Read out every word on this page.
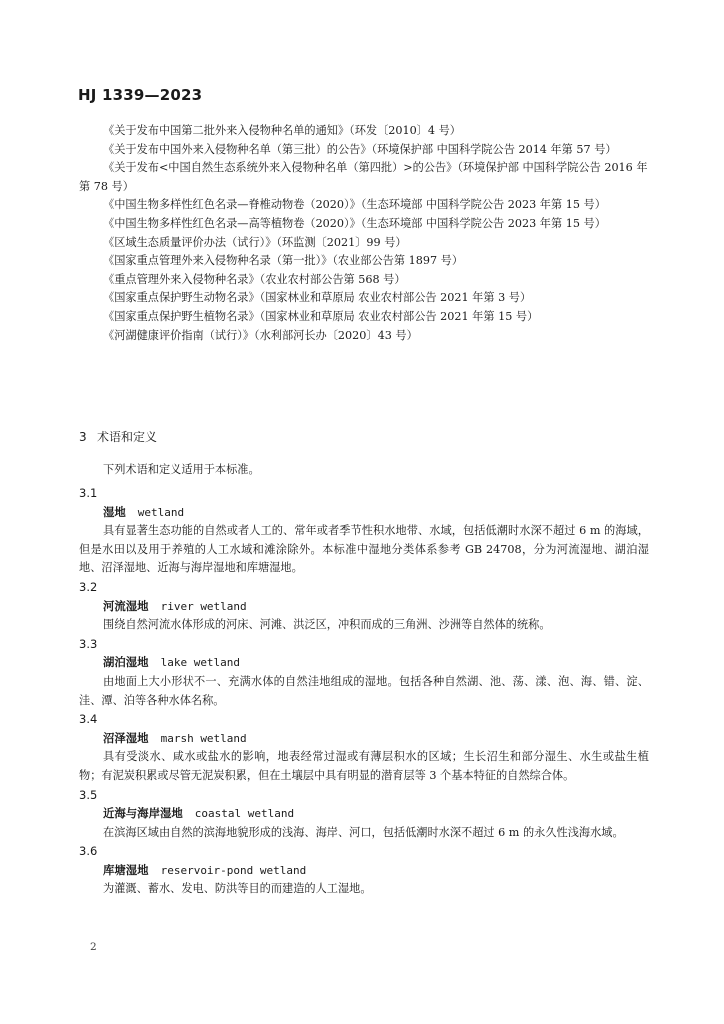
HJ 1339—2023
《关于发布中国第二批外来入侵物种名单的通知》（环发〔2010〕4 号）
《关于发布中国外来入侵物种名单（第三批）的公告》（环境保护部 中国科学院公告 2014 年第 57 号）
《关于发布<中国自然生态系统外来入侵物种名单（第四批）>的公告》（环境保护部 中国科学院公告 2016 年第 78 号）
《中国生物多样性红色名录—脊椎动物卷（2020）》（生态环境部 中国科学院公告 2023 年第 15 号）
《中国生物多样性红色名录—高等植物卷（2020）》（生态环境部 中国科学院公告 2023 年第 15 号）
《区域生态质量评价办法（试行）》（环监测〔2021〕99 号）
《国家重点管理外来入侵物种名录（第一批）》（农业部公告第 1897 号）
《重点管理外来入侵物种名录》（农业农村部公告第 568 号）
《国家重点保护野生动物名录》（国家林业和草原局 农业农村部公告 2021 年第 3 号）
《国家重点保护野生植物名录》（国家林业和草原局 农业农村部公告 2021 年第 15 号）
《河湖健康评价指南（试行）》（水利部河长办〔2020〕43 号）
3 术语和定义
下列术语和定义适用于本标准。
3.1
湿地 wetland
具有显著生态功能的自然或者人工的、常年或者季节性积水地带、水域，包括低潮时水深不超过 6 m 的海域，但是水田以及用于养殖的人工水域和滩涂除外。本标准中湿地分类体系参考 GB 24708，分为河流湿地、湖泊湿地、沼泽湿地、近海与海岸湿地和库塘湿地。
3.2
河流湿地 river wetland
围绕自然河流水体形成的河床、河滩、洪泛区，冲积而成的三角洲、沙洲等自然体的统称。
3.3
湖泊湿地 lake wetland
由地面上大小形状不一、充满水体的自然洼地组成的湿地。包括各种自然湖、池、荡、漾、泡、海、错、淀、洼、潭、泊等各种水体名称。
3.4
沼泽湿地 marsh wetland
具有受淡水、咸水或盐水的影响，地表经常过湿或有薄层积水的区域；生长沼生和部分湿生、水生或盐生植物；有泥炭积累或尽管无泥炭积累，但在土壤层中具有明显的潜育层等 3 个基本特征的自然综合体。
3.5
近海与海岸湿地 coastal wetland
在滨海区域由自然的滨海地貌形成的浅海、海岸、河口，包括低潮时水深不超过 6 m 的永久性浅海水域。
3.6
库塘湿地 reservoir-pond wetland
为灌溉、蓄水、发电、防洪等目的而建造的人工湿地。
2
